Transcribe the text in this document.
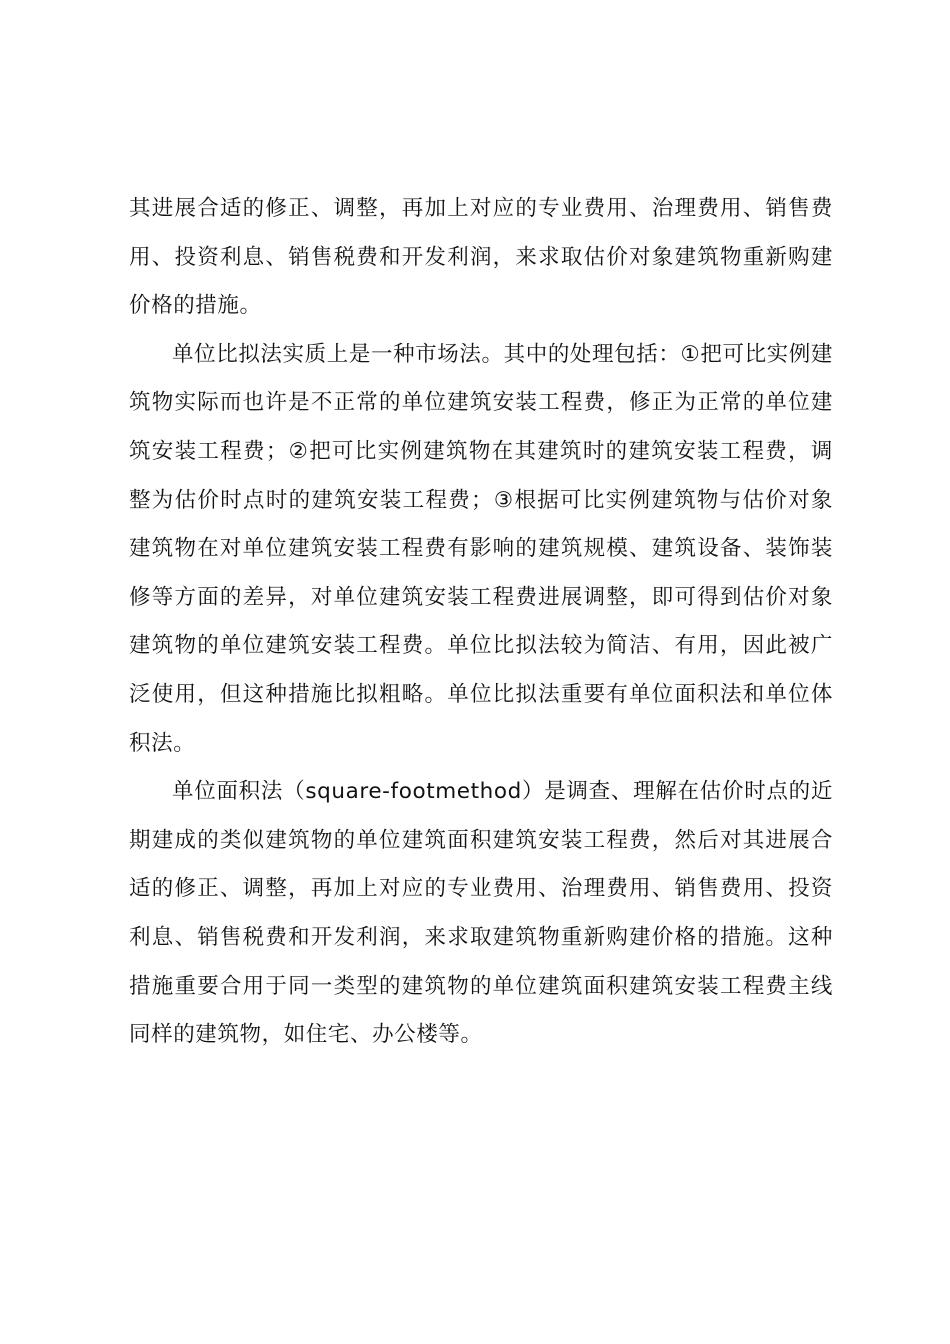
其进展合适的修正、调整，再加上对应的专业费用、治理费用、销售费用、投资利息、销售税费和开发利润，来求取估价对象建筑物重新购建价格的措施。

单位比拟法实质上是一种市场法。其中的处理包括：①把可比实例建筑物实际而也许是不正常的单位建筑安装工程费，修正为正常的单位建筑安装工程费；②把可比实例建筑物在其建筑时的建筑安装工程费，调整为估价时点时的建筑安装工程费；③根据可比实例建筑物与估价对象建筑物在对单位建筑安装工程费有影响的建筑规模、建筑设备、装饰装修等方面的差异，对单位建筑安装工程费进展调整，即可得到估价对象建筑物的单位建筑安装工程费。单位比拟法较为简洁、有用，因此被广泛使用，但这种措施比拟粗略。单位比拟法重要有单位面积法和单位体积法。

单位面积法（square-footmethod）是调查、理解在估价时点的近期建成的类似建筑物的单位建筑面积建筑安装工程费，然后对其进展合适的修正、调整，再加上对应的专业费用、治理费用、销售费用、投资利息、销售税费和开发利润，来求取建筑物重新购建价格的措施。这种措施重要合用于同一类型的建筑物的单位建筑面积建筑安装工程费主线同样的建筑物，如住宅、办公楼等。
